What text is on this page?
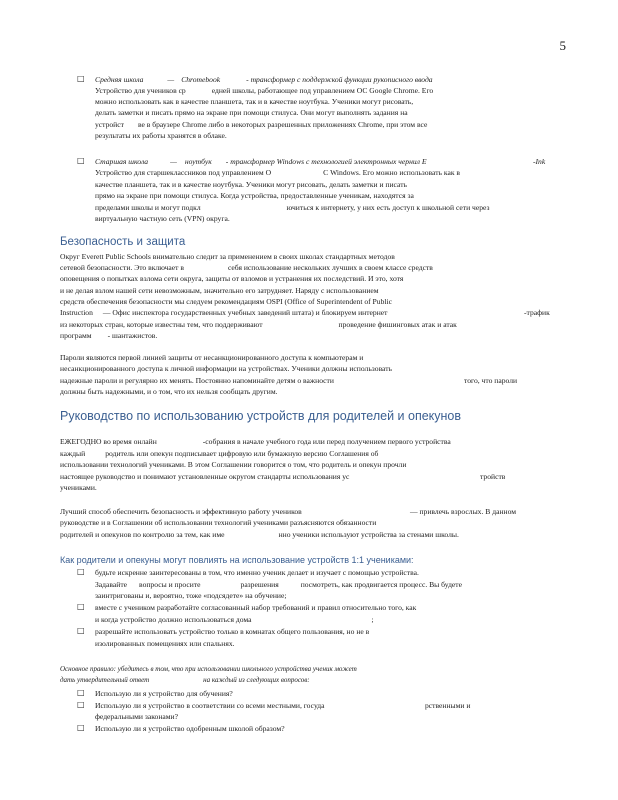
5
□ Средняя школа	— Chromebook	- трансформер с поддержкой функции рукописного ввода
Устройство для учеников ср	едней школы, работающее под управлением ОС Google Chrome. Его
можно использовать как в качестве планшета, так и в качестве ноутбука. Ученики могут рисовать,
делать заметки и писать прямо на экране при помощи стилуса. Они могут выполнять задания на
устройст ве в браузере Chrome либо в некоторых разрешенных приложениях Chrome, при этом все
результаты их работы хранятся в облаке.
□ Старшая школа	— ноутбук - трансформер Windows с технологией электронных чернил E	-Ink
Устройство для старшеклассников под управлением О	С Windows. Его можно использовать как в
качестве планшета, так и в качестве ноутбука. Ученики могут рисовать, делать заметки и писать
прямо на экране при помощи стилуса. Когда устройства, предоставленные ученикам, находятся за
пределами школы и могут подкл	ючиться к интернету, у них есть доступ к школьной сети через
виртуальную частную сеть (VPN) округа.
Безопасность и защита
Округ Everett Public Schools внимательно следит за применением в своих школах стандартных методов
сетевой безопасности. Это включает в	себя использование нескольких лучших в своем классе средств
оповещения о попытках взлома сети округа, защиты от взломов и устранения их последствий. И это, хотя
и не делая взлом нашей сети невозможным, значительно его затрудняет. Наряду с использованием
средств обеспечения безопасности мы следуем рекомендациям OSPI (Office of Superintendent of Public
Instruction — Офис инспектора государственных учебных заведений штата) и блокируем интернет	-трафик
из некоторых стран, которые известны тем, что поддерживают	проведение фишинговых атак и атак
программ - шантажистов.
Пароли являются первой линией защиты от несанкционированного доступа к компьютерам и
несанкционированного доступа к личной информации на устройствах. Ученики должны использовать
надежные пароли и регулярно их менять. Постоянно напоминайте детям о важности	того, что пароли
должны быть надежными, и о том, что их нельзя сообщать другим.
Руководство по использованию устройств для родителей и опекунов
ЕЖЕГОДНО во время онлайн	-собрания в начале учебного года или перед получением первого устройства
каждый	родитель или опекун подписывает цифровую или бумажную версию Соглашения об
использовании технологий учениками. В этом Соглашении говорится о том, что родитель и опекун прочли
настоящее руководство и понимают установленные округом стандарты использования ус	тройств
учениками.
Лучший способ обеспечить безопасность и эффективную работу учеников	— привлечь взрослых. В данном
руководстве и в Соглашении об использовании технологий учениками разъясняются обязанности
родителей и опекунов по контролю за тем, как име	нно ученики используют устройства за стенами школы.
Как родители и опекуны могут повлиять на использование устройств 1:1 учениками:
□ будьте искренне заинтересованы в том, что именно ученик делает и изучает с помощью устройства.
Задавайте вопросы и просите	разрешения	посмотреть, как продвигается процесс. Вы будете
заинтригованы и, вероятно, тоже «подсядете» на обучение;
□ вместе с учеником разработайте согласованный набор требований и правил относительно того, как
и когда устройство должно использоваться дома	;
□ разрешайте использовать устройство только в комнатах общего пользования, но не в
изолированных помещениях или спальнях.
Основное правило: убедитесь в том, что при использовании школьного устройства ученик может
дать утвердительный ответ	на каждый из следующих вопросов:
□ Использую ли я устройство для обучения?
□ Использую ли я устройство в соответствии со всеми местными, госуда	рственными и
федеральными законами?
□ Использую ли я устройство одобренным школой образом?
